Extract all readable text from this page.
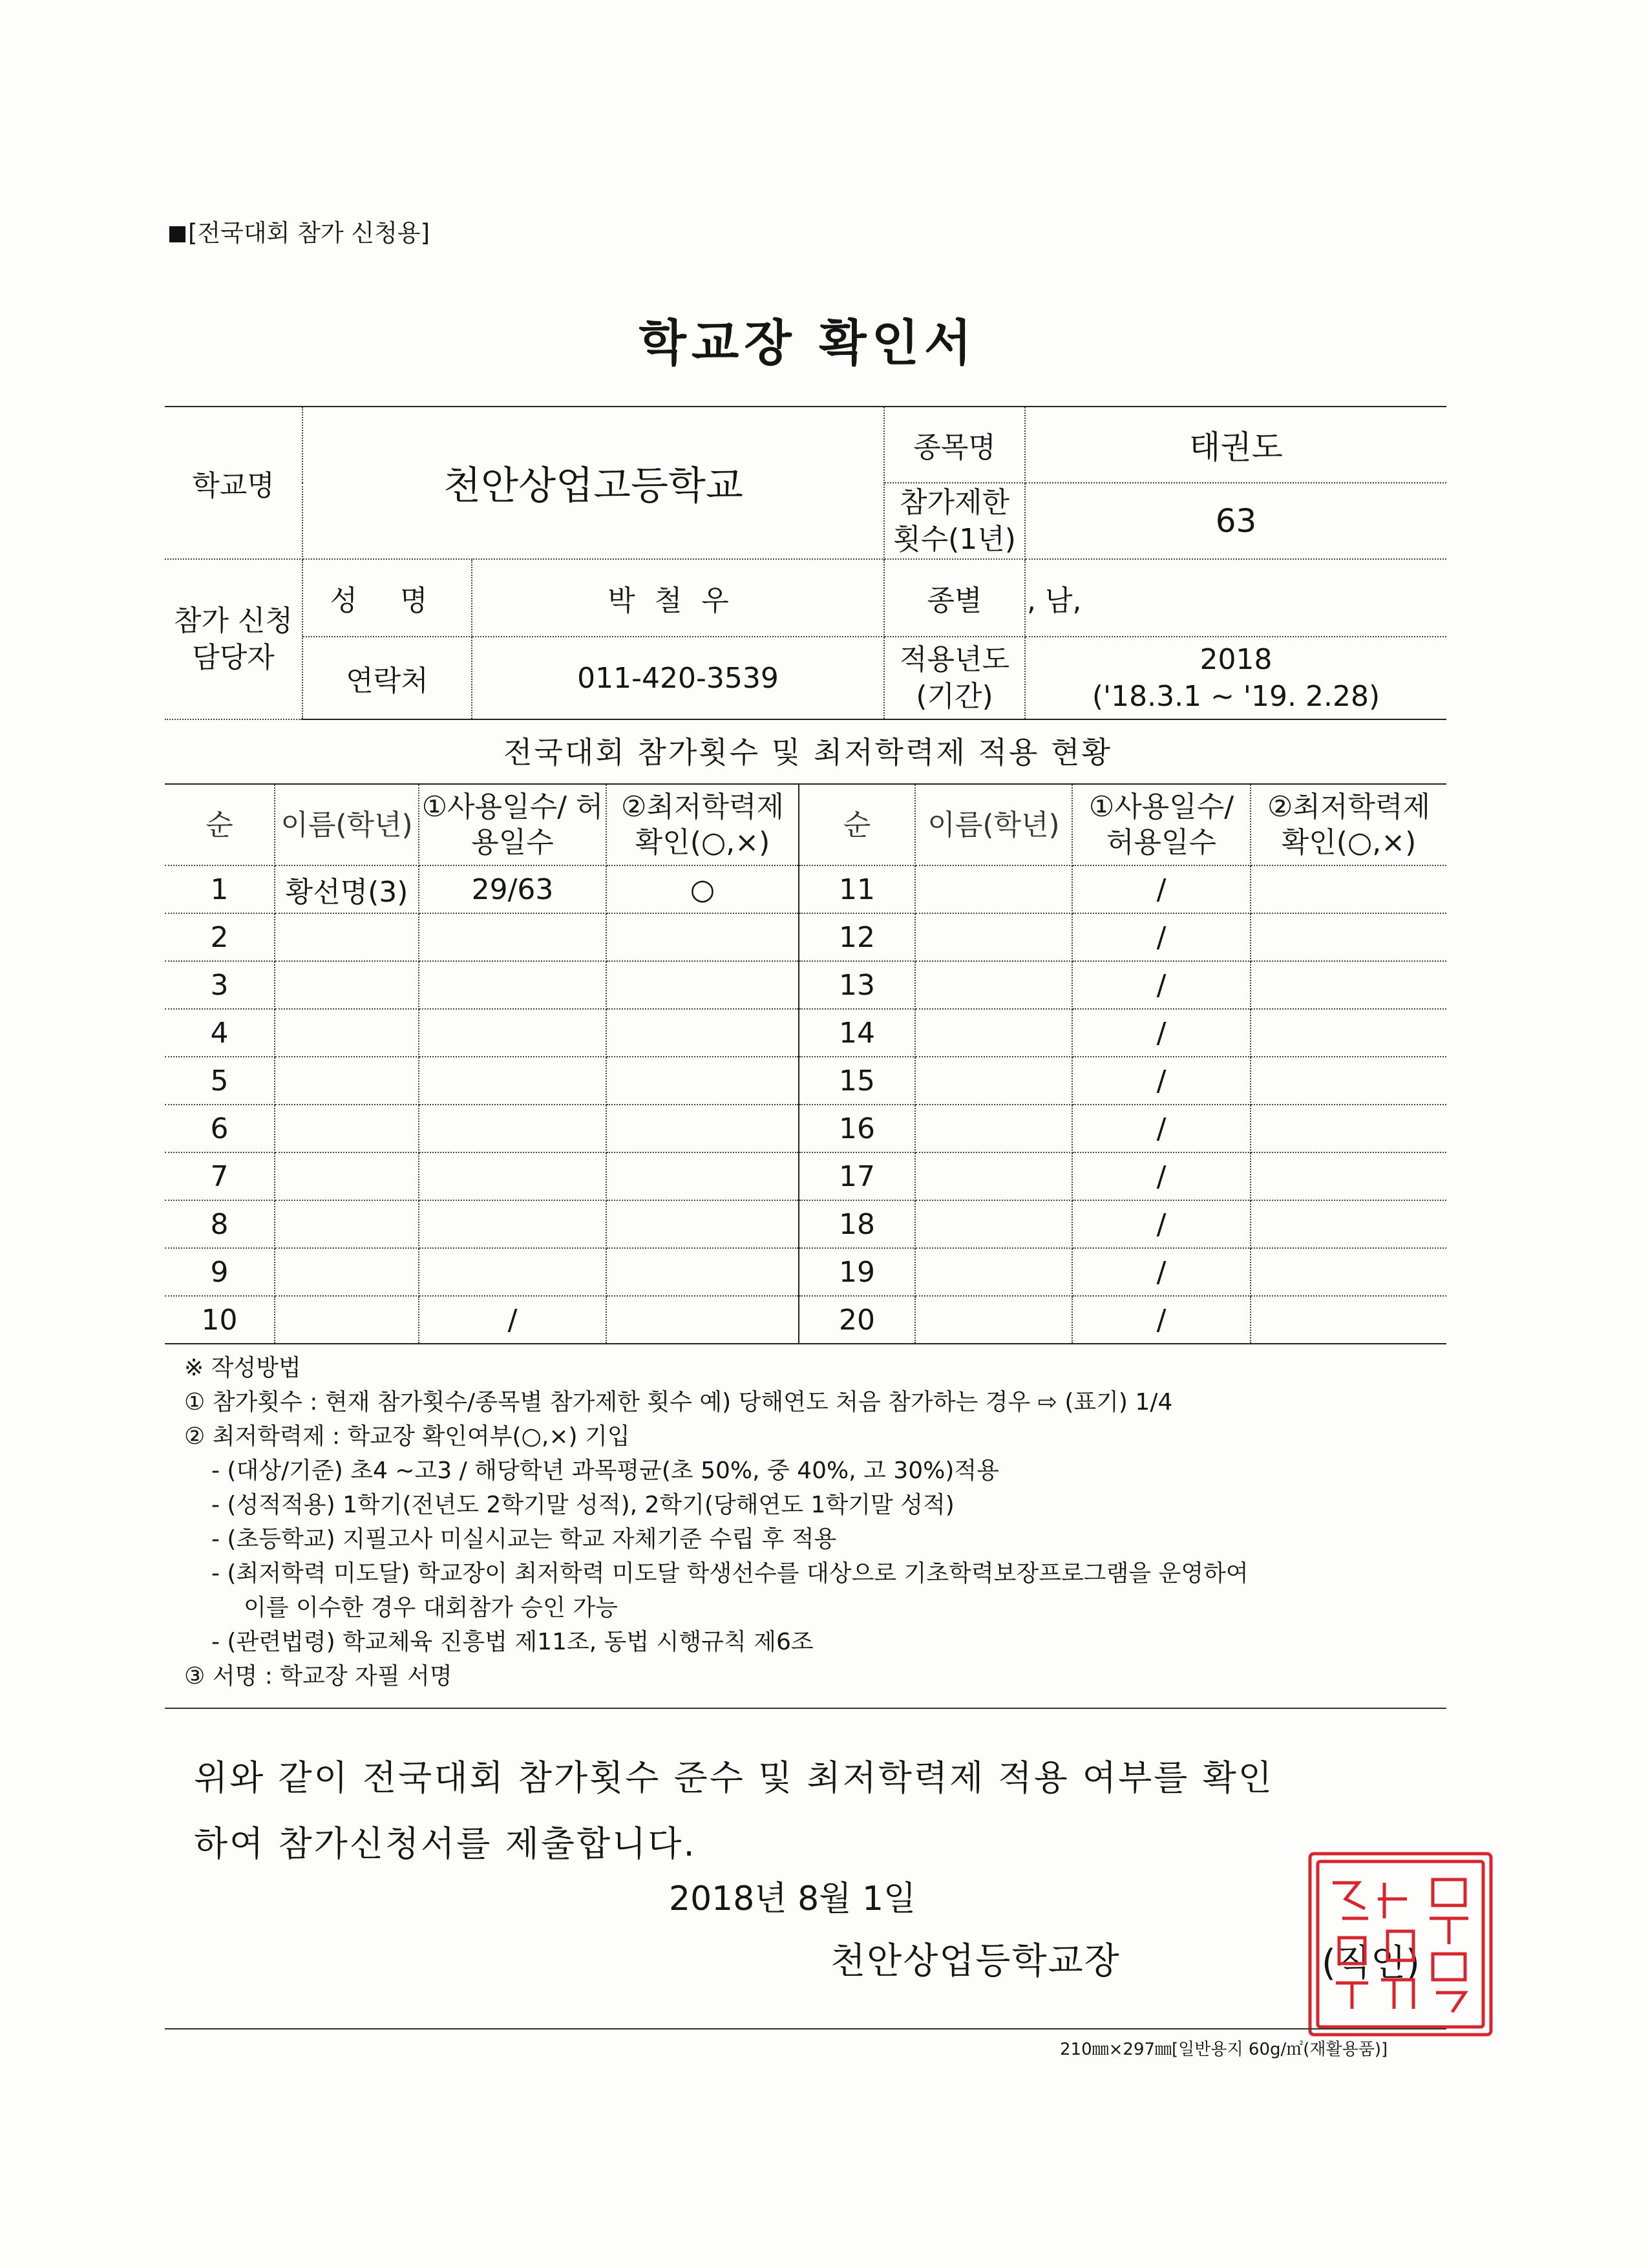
[전국대회 참가 신청용]
학교장 확인서
학교명	천안상업고등학교		종목명	태권도
			참가제한 횟수(1년)	63
참가 신청 담당자	성 명	박철우	종별	, 남,
	연락처	011-420-3539	적용년도 (기간)	2018
('18.3.1 ~ '19. 2.28)
전국대회 참가횟수 및 최저학력제 적용 현황
순	이름(학년)	①사용일수/ 허용일수	②최저학력제 확인(○,×)	순	이름(학년)	①사용일수/ 허용일수	②최저학력제 확인(○,×)
1	황선명(3)	29/63	○	11		/	
2				12		/	
3				13		/	
4				14		/	
5				15		/	
6				16		/	
7				17		/	
8				18		/	
9				19		/	
10		/		20		/	
※ 작성방법
① 참가횟수 : 현재 참가횟수/종목별 참가제한 횟수 예) 당해연도 처음 참가하는 경우 ⇨ (표기) 1/4
② 최저학력제 : 학교장 확인여부(○,×) 기입
- (대상/기준) 초4 ~고3 / 해당학년 과목평균(초 50%, 중 40%, 고 30%)적용
- (성적적용) 1학기(전년도 2학기말 성적), 2학기(당해연도 1학기말 성적)
- (초등학교) 지필고사 미실시교는 학교 자체기준 수립 후 적용
- (최저학력 미도달) 학교장이 최저학력 미도달 학생선수를 대상으로 기초학력보장프로그램을 운영하여
이를 이수한 경우 대회참가 승인 가능
- (관련법령) 학교체육 진흥법 제11조, 동법 시행규칙 제6조
③ 서명 : 학교장 자필 서명
위와 같이 전국대회 참가횟수 준수 및 최저학력제 적용 여부를 확인
하여 참가신청서를 제출합니다.
2018년 8월 1일
천안상업등학교장	(직인)
210㎜×297㎜[일반용지 60g/㎡(재활용품)]
